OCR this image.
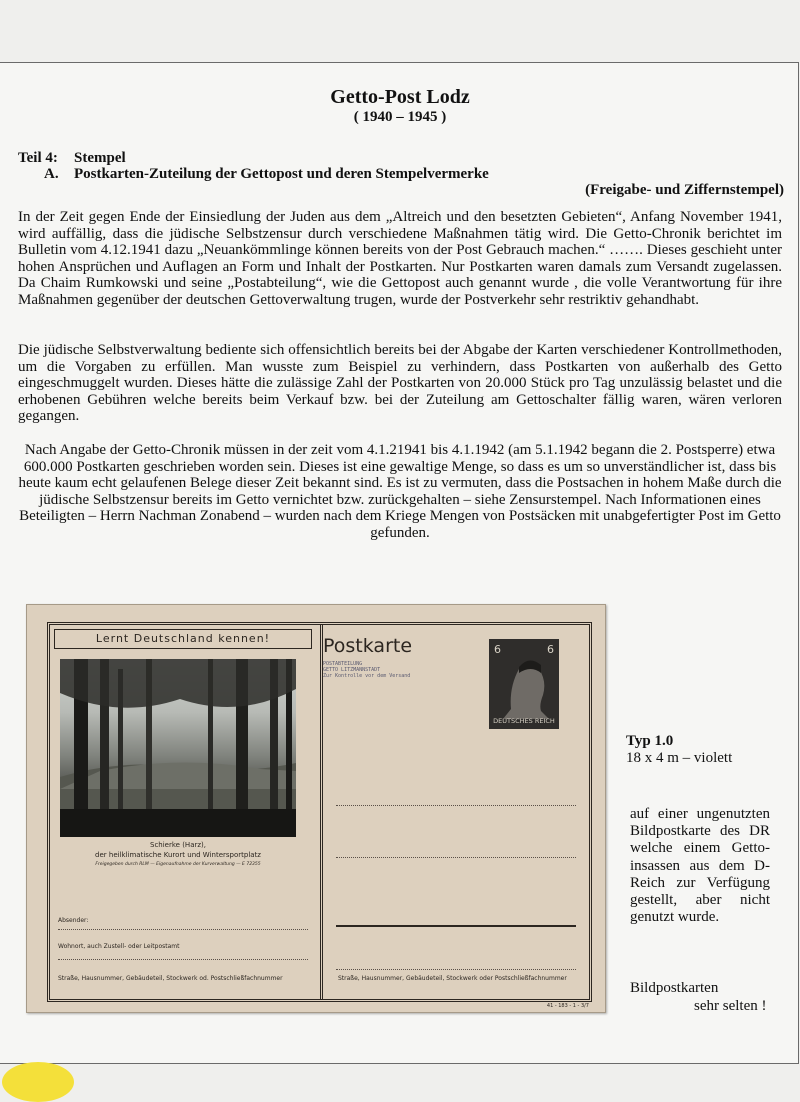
Getto-Post Lodz
( 1940 – 1945 )
Teil 4: Stempel
A. Postkarten-Zuteilung der Gettopost und deren Stempelvermerke
(Freigabe- und Ziffernstempel)

In der Zeit gegen Ende der Einsiedlung der Juden aus dem „Altreich und den besetzten Gebieten“, Anfang November 1941, wird auffällig, dass die jüdische Selbstzensur durch verschiedene Maßnahmen tätig wird. Die Getto-Chronik berichtet im Bulletin vom 4.12.1941 dazu „Neuankömmlinge können bereits von der Post Gebrauch machen.“ ……. Dieses geschieht unter hohen Ansprüchen und Auflagen an Form und Inhalt der Postkarten. Nur Postkarten waren damals zum Versandt zugelassen. Da Chaim Rumkowski und seine „Postabteilung“, wie die Gettopost auch genannt wurde , die volle Verantwortung für ihre Maßnahmen gegenüber der deutschen Gettoverwaltung trugen, wurde der Postverkehr sehr restriktiv gehandhabt.

Die jüdische Selbstverwaltung bediente sich offensichtlich bereits bei der Abgabe der Karten verschiedener Kontrollmethoden, um die Vorgaben zu erfüllen. Man wusste zum Beispiel zu verhindern, dass Postkarten von außerhalb des Getto eingeschmuggelt wurden. Dieses hätte die zulässige Zahl der Postkarten von 20.000 Stück pro Tag unzulässig belastet und die erhobenen Gebühren welche bereits beim Verkauf bzw. bei der Zuteilung am Gettoschalter fällig waren, wären verloren gegangen.

Nach Angabe der Getto-Chronik müssen in der zeit vom 4.1.21941 bis 4.1.1942 (am 5.1.1942 begann die 2. Postsperre) etwa 600.000 Postkarten geschrieben worden sein. Dieses ist eine gewaltige Menge, so dass es um so unverständlicher ist, dass bis heute kaum echt gelaufenen Belege dieser Zeit bekannt sind. Es ist zu vermuten, dass die Postsachen in hohem Maße durch die jüdische Selbstzensur bereits im Getto vernichtet bzw. zurückgehalten – siehe Zensurstempel. Nach Informationen eines Beteiligten – Herrn Nachman Zonabend – wurden nach dem Kriege Mengen von Postsäcken mit unabgefertigter Post im Getto gefunden.
Lernt Deutschland kennen!
Schierke (Harz),
der heilklimatische Kurort und Wintersportplatz
Freigegeben durch RLM — Eigenaufnahme der Kurverwaltung — E 72355
Absender:
Wohnort, auch Zustell- oder Leitpostamt
Straße, Hausnummer, Gebäudeteil, Stockwerk od. Postschließfachnummer	Straße, Hausnummer, Gebäudeteil, Stockwerk oder Postschließfachnummer
Postkarte
POSTABTEILUNG
GETTO LITZMANNSTADT
Zur Kontrolle vor dem Versand
6	6
DEUTSCHES REICH
41 - 183 - 1 - 3/7
Typ 1.0
18 x 4 m – violett
auf einer ungenutzten Bildpostkarte des DR welche einem Getto-insassen aus dem D-Reich zur Verfügung gestellt, aber nicht genutzt wurde.
Bildpostkarten
sehr selten !
